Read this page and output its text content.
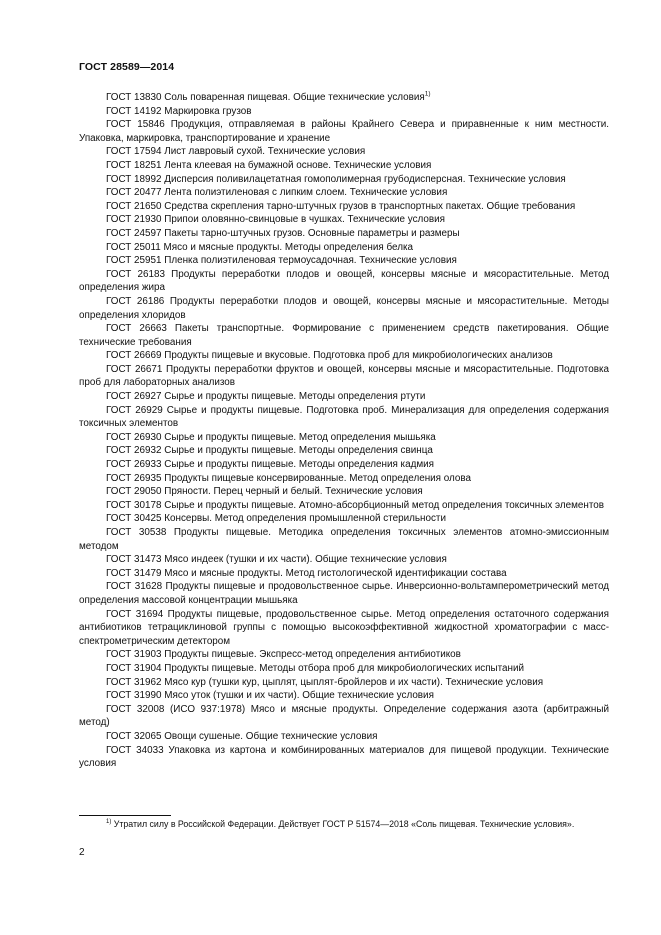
ГОСТ 28589—2014

ГОСТ 13830 Соль поваренная пищевая. Общие технические условия$^{1)}$

ГОСТ 14192 Маркировка грузов

ГОСТ 15846 Продукция, отправляемая в районы Крайнего Севера и приравненные к ним местности. Упаковка, маркировка, транспортирование и хранение

ГОСТ 17594 Лист лавровый сухой. Технические условия

ГОСТ 18251 Лента клеевая на бумажной основе. Технические условия

ГОСТ 18992 Дисперсия поливилацетатная гомополимерная грубодисперсная. Технические условия

ГОСТ 20477 Лента полиэтиленовая с липким слоем. Технические условия

ГОСТ 21650 Средства скрепления тарно-штучных грузов в транспортных пакетах. Общие требования

ГОСТ 21930 Припои оловянно-свинцовые в чушках. Технические условия

ГОСТ 24597 Пакеты тарно-штучных грузов. Основные параметры и размеры

ГОСТ 25011 Мясо и мясные продукты. Методы определения белка

ГОСТ 25951 Пленка полиэтиленовая термоусадочная. Технические условия

ГОСТ 26183 Продукты переработки плодов и овощей, консервы мясные и мясорастительные. Метод определения жира

ГОСТ 26186 Продукты переработки плодов и овощей, консервы мясные и мясорастительные. Методы определения хлоридов

ГОСТ 26663 Пакеты транспортные. Формирование с применением средств пакетирования. Общие технические требования

ГОСТ 26669 Продукты пищевые и вкусовые. Подготовка проб для микробиологических анализов

ГОСТ 26671 Продукты переработки фруктов и овощей, консервы мясные и мясорастительные. Подготовка проб для лабораторных анализов

ГОСТ 26927 Сырье и продукты пищевые. Методы определения ртути

ГОСТ 26929 Сырье и продукты пищевые. Подготовка проб. Минерализация для определения содержания токсичных элементов

ГОСТ 26930 Сырье и продукты пищевые. Метод определения мышьяка

ГОСТ 26932 Сырье и продукты пищевые. Методы определения свинца

ГОСТ 26933 Сырье и продукты пищевые. Методы определения кадмия

ГОСТ 26935 Продукты пищевые консервированные. Метод определения олова

ГОСТ 29050 Пряности. Перец черный и белый. Технические условия

ГОСТ 30178 Сырье и продукты пищевые. Атомно-абсорбционный метод определения токсичных элементов

ГОСТ 30425 Консервы. Метод определения промышленной стерильности

ГОСТ 30538 Продукты пищевые. Методика определения токсичных элементов атомно-эмиссионным методом

ГОСТ 31473 Мясо индеек (тушки и их части). Общие технические условия

ГОСТ 31479 Мясо и мясные продукты. Метод гистологической идентификации состава

ГОСТ 31628 Продукты пищевые и продовольственное сырье. Инверсионно-вольтамперометрический метод определения массовой концентрации мышьяка

ГОСТ 31694 Продукты пищевые, продовольственное сырье. Метод определения остаточного содержания антибиотиков тетрациклиновой группы с помощью высокоэффективной жидкостной хроматографии с масс-спектрометрическим детектором

ГОСТ 31903 Продукты пищевые. Экспресс-метод определения антибиотиков

ГОСТ 31904 Продукты пищевые. Методы отбора проб для микробиологических испытаний

ГОСТ 31962 Мясо кур (тушки кур, цыплят, цыплят-бройлеров и их части). Технические условия

ГОСТ 31990 Мясо уток (тушки и их части). Общие технические условия

ГОСТ 32008 (ИСО 937:1978) Мясо и мясные продукты. Определение содержания азота (арбитражный метод)

ГОСТ 32065 Овощи сушеные. Общие технические условия

ГОСТ 34033 Упаковка из картона и комбинированных материалов для пищевой продукции. Технические условия

$^{1)}$ Утратил силу в Российской Федерации. Действует ГОСТ Р 51574—2018 «Соль пищевая. Технические условия».

2
